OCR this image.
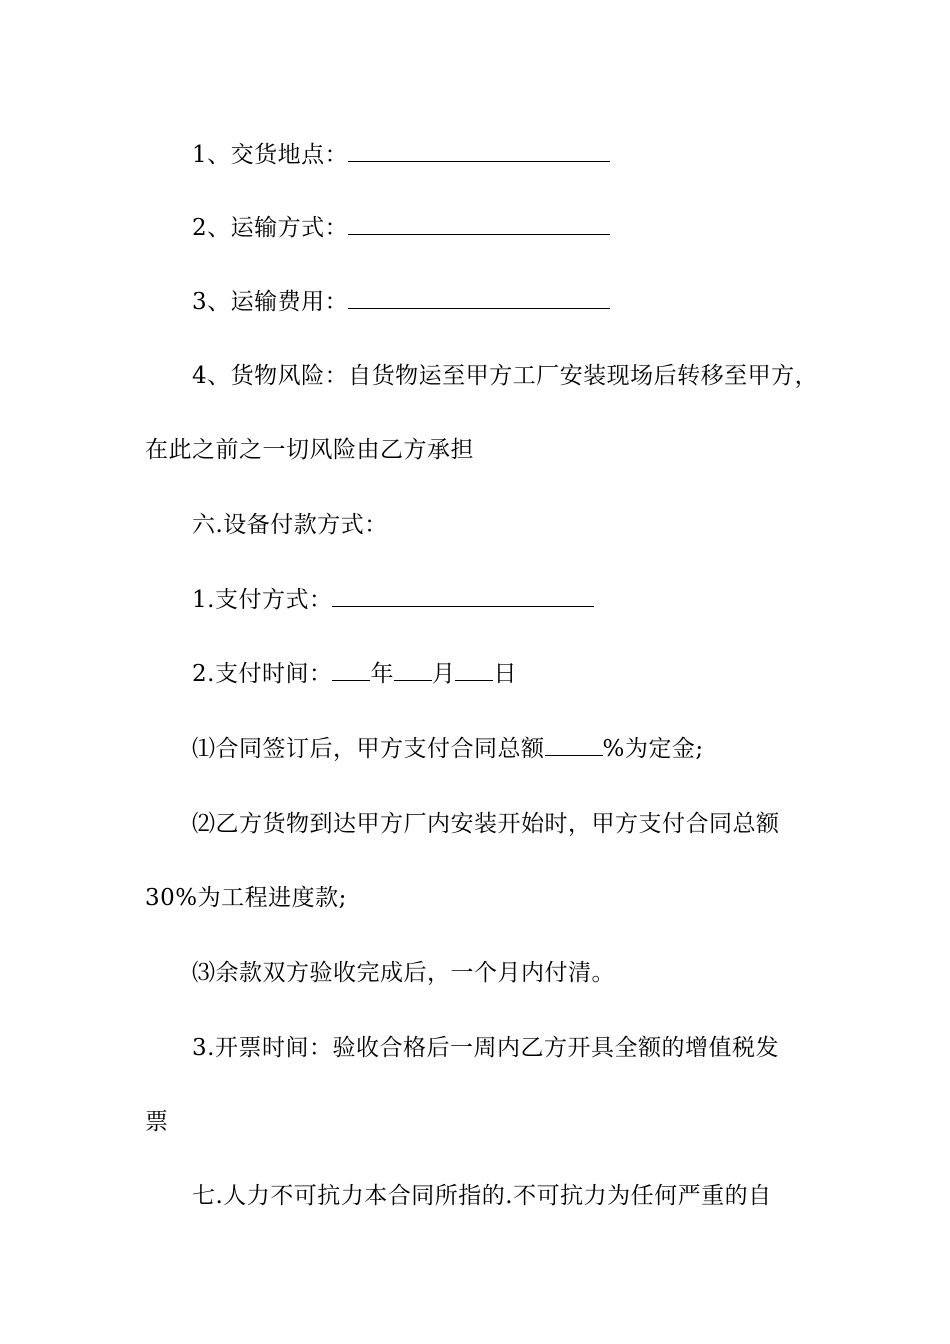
1、交货地点：
2、运输方式：
3、运输费用：
4、货物风险：自货物运至甲方工厂安装现场后转移至甲方，
在此之前之一切风险由乙方承担
六.设备付款方式：
1.支付方式：
2.支付时间： 年 月 日
⑴合同签订后，甲方支付合同总额	%为定金;
⑵乙方货物到达甲方厂内安装开始时，甲方支付合同总额
30%为工程进度款;
⑶余款双方验收完成后，一个月内付清。
3.开票时间：验收合格后一周内乙方开具全额的增值税发
票
七.人力不可抗力本合同所指的.不可抗力为任何严重的自
